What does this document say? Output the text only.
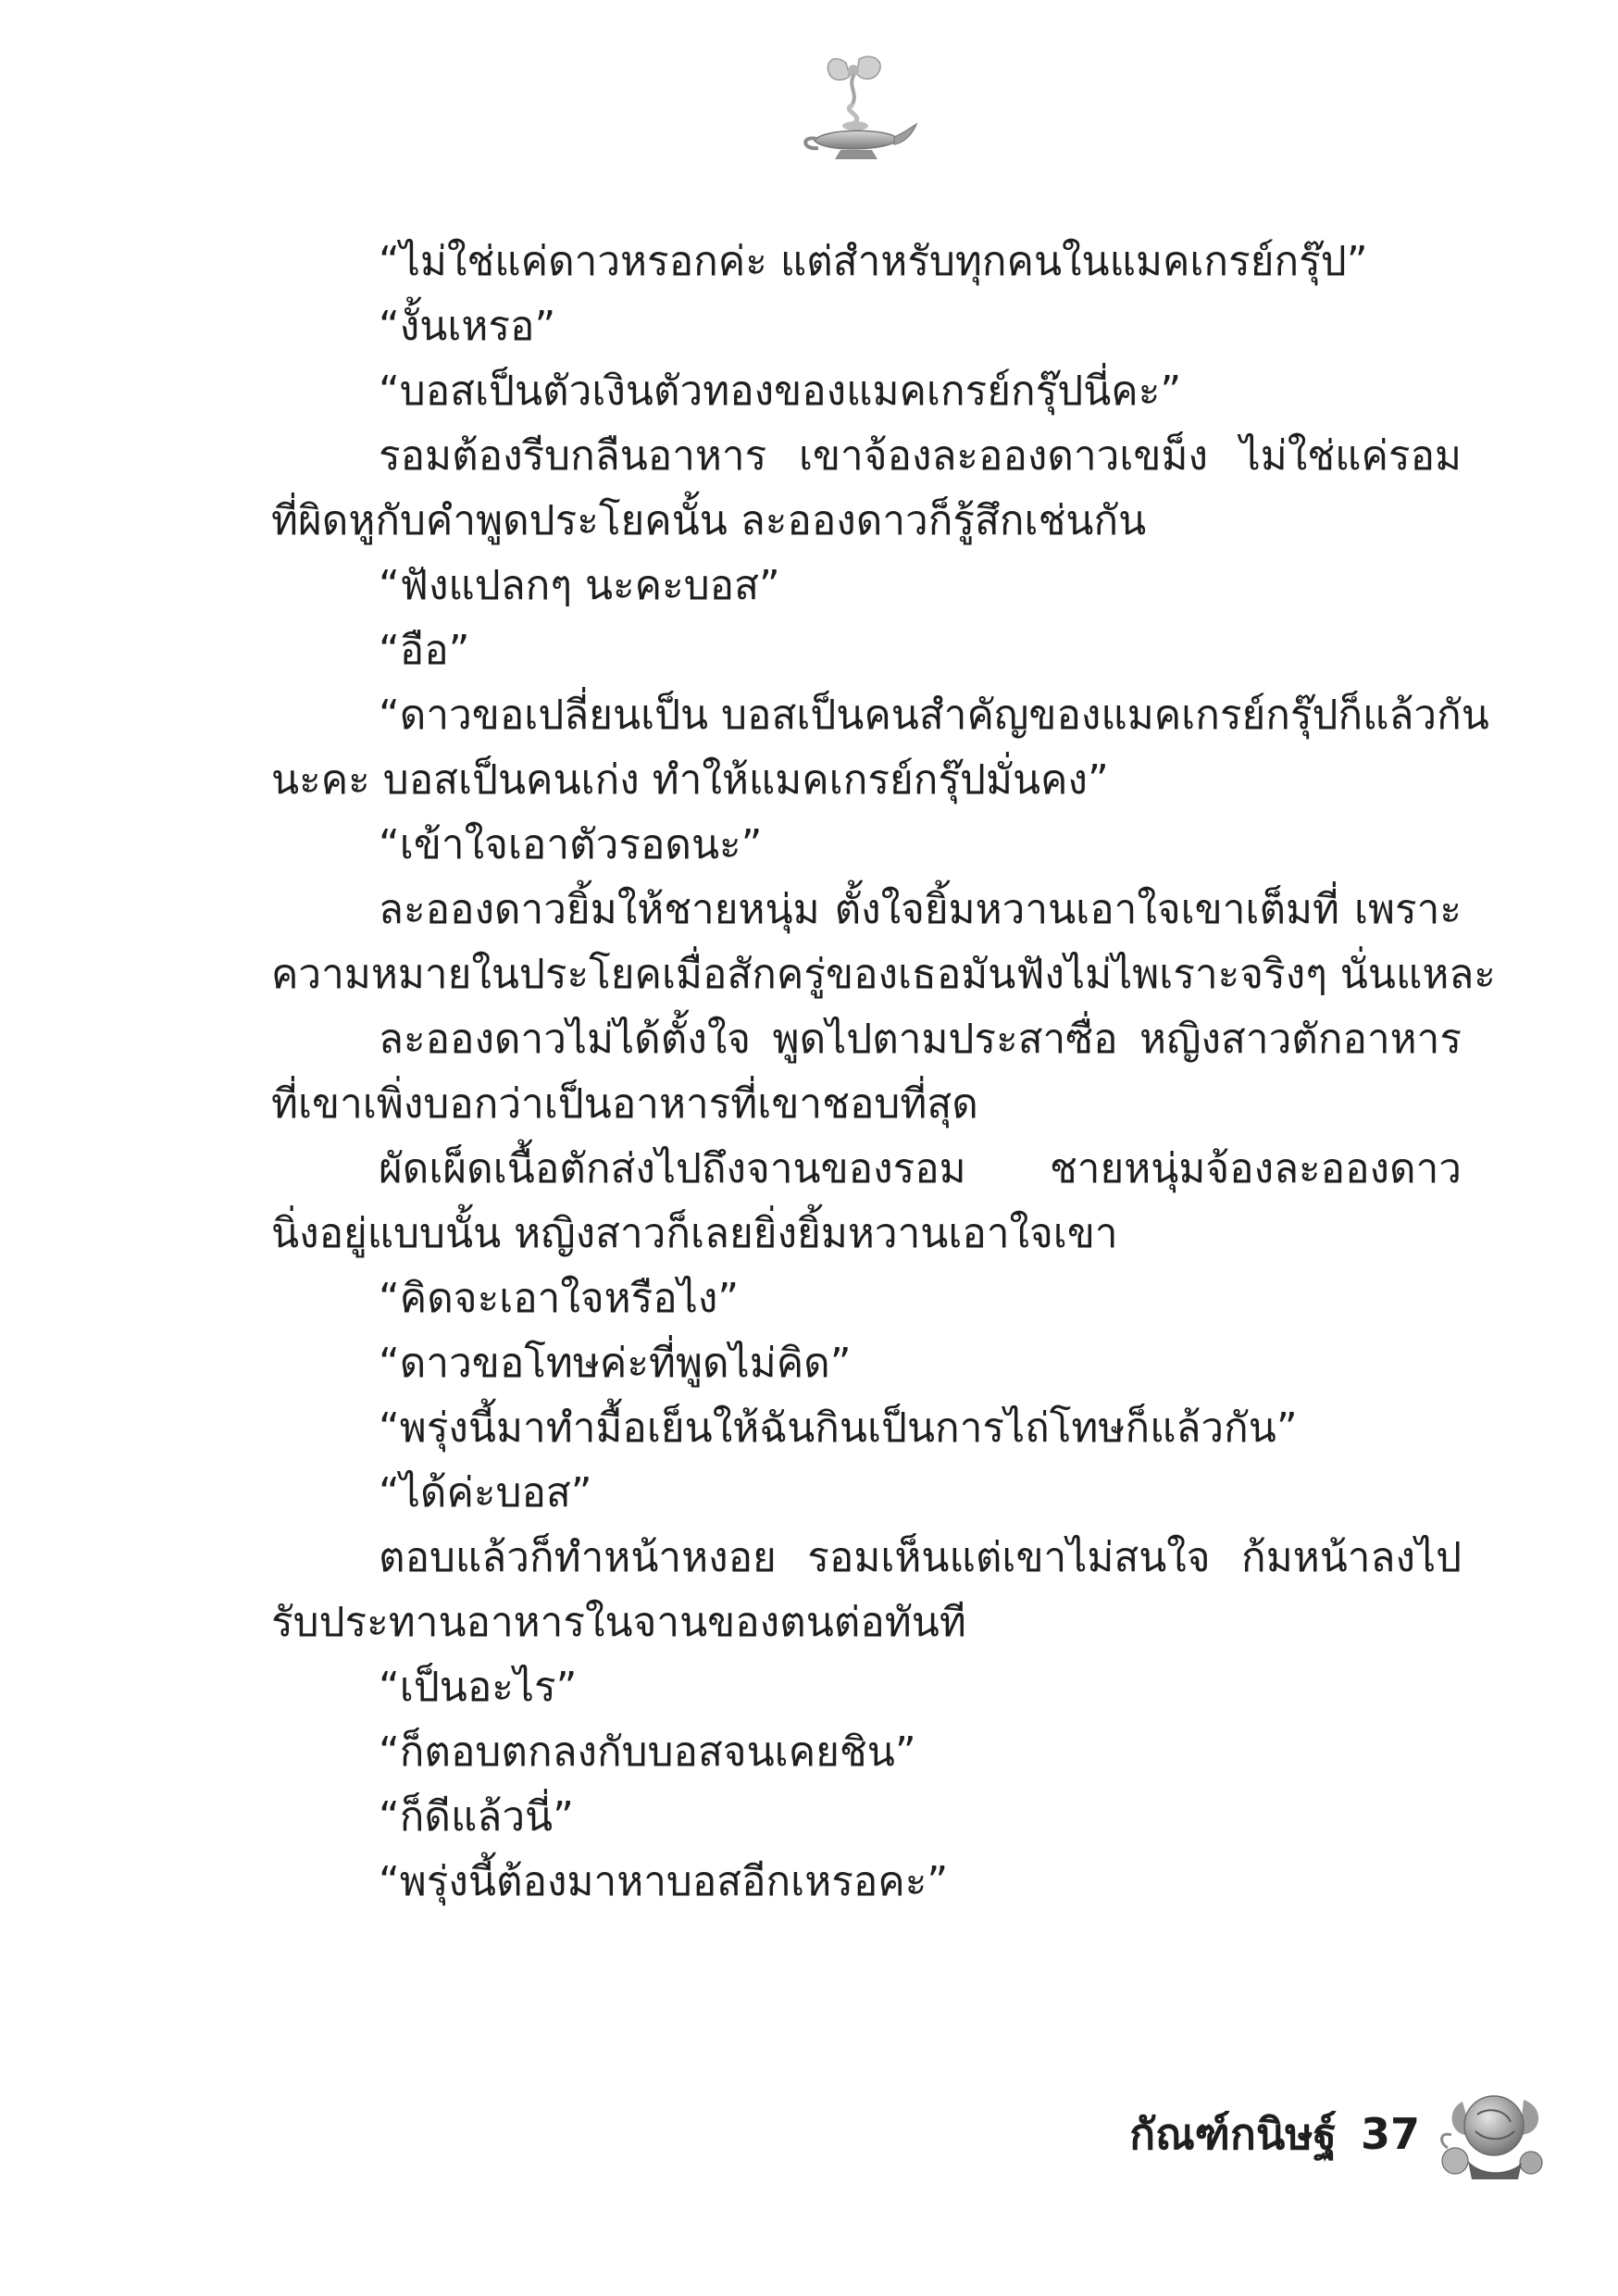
“ไม่ใช่แค่ดาวหรอกค่ะ แต่สำหรับทุกคนในแมคเกรย์กรุ๊ป”
“งั้นเหรอ”
“บอสเป็นตัวเงินตัวทองของแมคเกรย์กรุ๊ปนี่คะ”
รอมต้องรีบกลืนอาหาร เขาจ้องละอองดาวเขม็ง ไม่ใช่แค่รอม
ที่ผิดหูกับคำพูดประโยคนั้น ละอองดาวก็รู้สึกเช่นกัน
“ฟังแปลกๆ นะคะบอส”
“อือ”
“ดาวขอเปลี่ยนเป็น บอสเป็นคนสำคัญของแมคเกรย์กรุ๊ปก็แล้วกัน
นะคะ บอสเป็นคนเก่ง ทำให้แมคเกรย์กรุ๊ปมั่นคง”
“เข้าใจเอาตัวรอดนะ”
ละอองดาวยิ้มให้ชายหนุ่ม ตั้งใจยิ้มหวานเอาใจเขาเต็มที่ เพราะ
ความหมายในประโยคเมื่อสักครู่ของเธอมันฟังไม่ไพเราะจริงๆ นั่นแหละ
ละอองดาวไม่ได้ตั้งใจ พูดไปตามประสาซื่อ หญิงสาวตักอาหาร
ที่เขาเพิ่งบอกว่าเป็นอาหารที่เขาชอบที่สุด
ผัดเผ็ดเนื้อตักส่งไปถึงจานของรอม ชายหนุ่มจ้องละอองดาว
นิ่งอยู่แบบนั้น หญิงสาวก็เลยยิ่งยิ้มหวานเอาใจเขา
“คิดจะเอาใจหรือไง”
“ดาวขอโทษค่ะที่พูดไม่คิด”
“พรุ่งนี้มาทำมื้อเย็นให้ฉันกินเป็นการไถ่โทษก็แล้วกัน”
“ได้ค่ะบอส”
ตอบแล้วก็ทำหน้าหงอย รอมเห็นแต่เขาไม่สนใจ ก้มหน้าลงไป
รับประทานอาหารในจานของตนต่อทันที
“เป็นอะไร”
“ก็ตอบตกลงกับบอสจนเคยชิน”
“ก็ดีแล้วนี่”
“พรุ่งนี้ต้องมาหาบอสอีกเหรอคะ”
กัณฑ์กนิษฐ์ 37
